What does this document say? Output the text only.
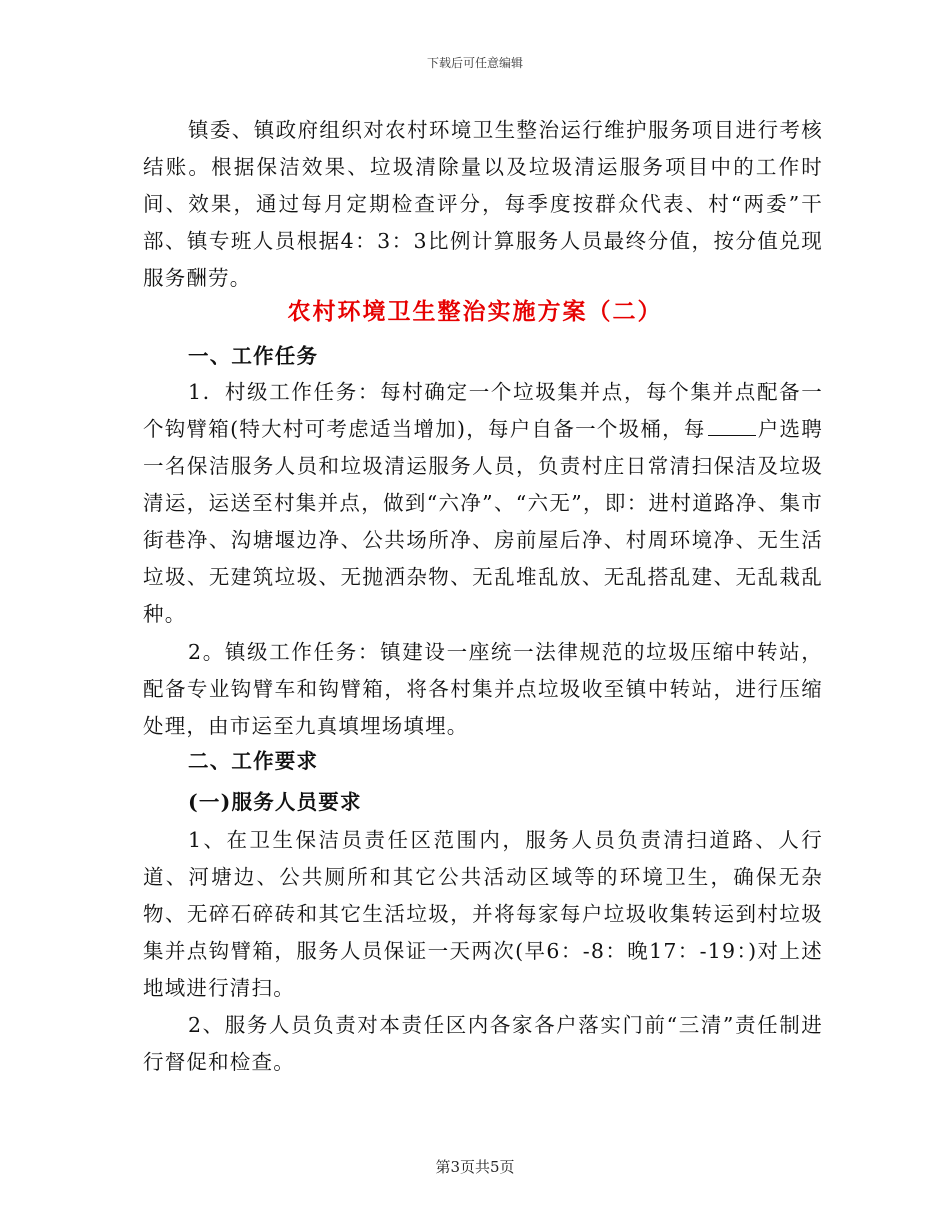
下载后可任意编辑

镇委、镇政府组织对农村环境卫生整治运行维护服务项目进行考核结账。根据保洁效果、垃圾清除量以及垃圾清运服务项目中的工作时间、效果，通过每月定期检查评分，每季度按群众代表、村“两委”干部、镇专班人员根据4：3：3比例计算服务人员最终分值，按分值兑现服务酬劳。

农村环境卫生整治实施方案（二）

一、工作任务

1．村级工作任务：每村确定一个垃圾集并点，每个集并点配备一个钩臂箱(特大村可考虑适当增加)，每户自备一个圾桶，每	户选聘一名保洁服务人员和垃圾清运服务人员，负责村庄日常清扫保洁及垃圾清运，运送至村集并点，做到“六净”、“六无”，即：进村道路净、集市街巷净、沟塘堰边净、公共场所净、房前屋后净、村周环境净、无生活垃圾、无建筑垃圾、无抛洒杂物、无乱堆乱放、无乱搭乱建、无乱栽乱种。

2。镇级工作任务：镇建设一座统一法律规范的垃圾压缩中转站，配备专业钩臂车和钩臂箱，将各村集并点垃圾收至镇中转站，进行压缩处理，由市运至九真填埋场填埋。

二、工作要求

(一)服务人员要求

1、在卫生保洁员责任区范围内，服务人员负责清扫道路、人行道、河塘边、公共厕所和其它公共活动区域等的环境卫生，确保无杂物、无碎石碎砖和其它生活垃圾，并将每家每户垃圾收集转运到村垃圾集并点钩臂箱，服务人员保证一天两次(早6：-8：晚17：-19：)对上述地域进行清扫。

2、服务人员负责对本责任区内各家各户落实门前“三清”责任制进行督促和检查。

第3页共5页
